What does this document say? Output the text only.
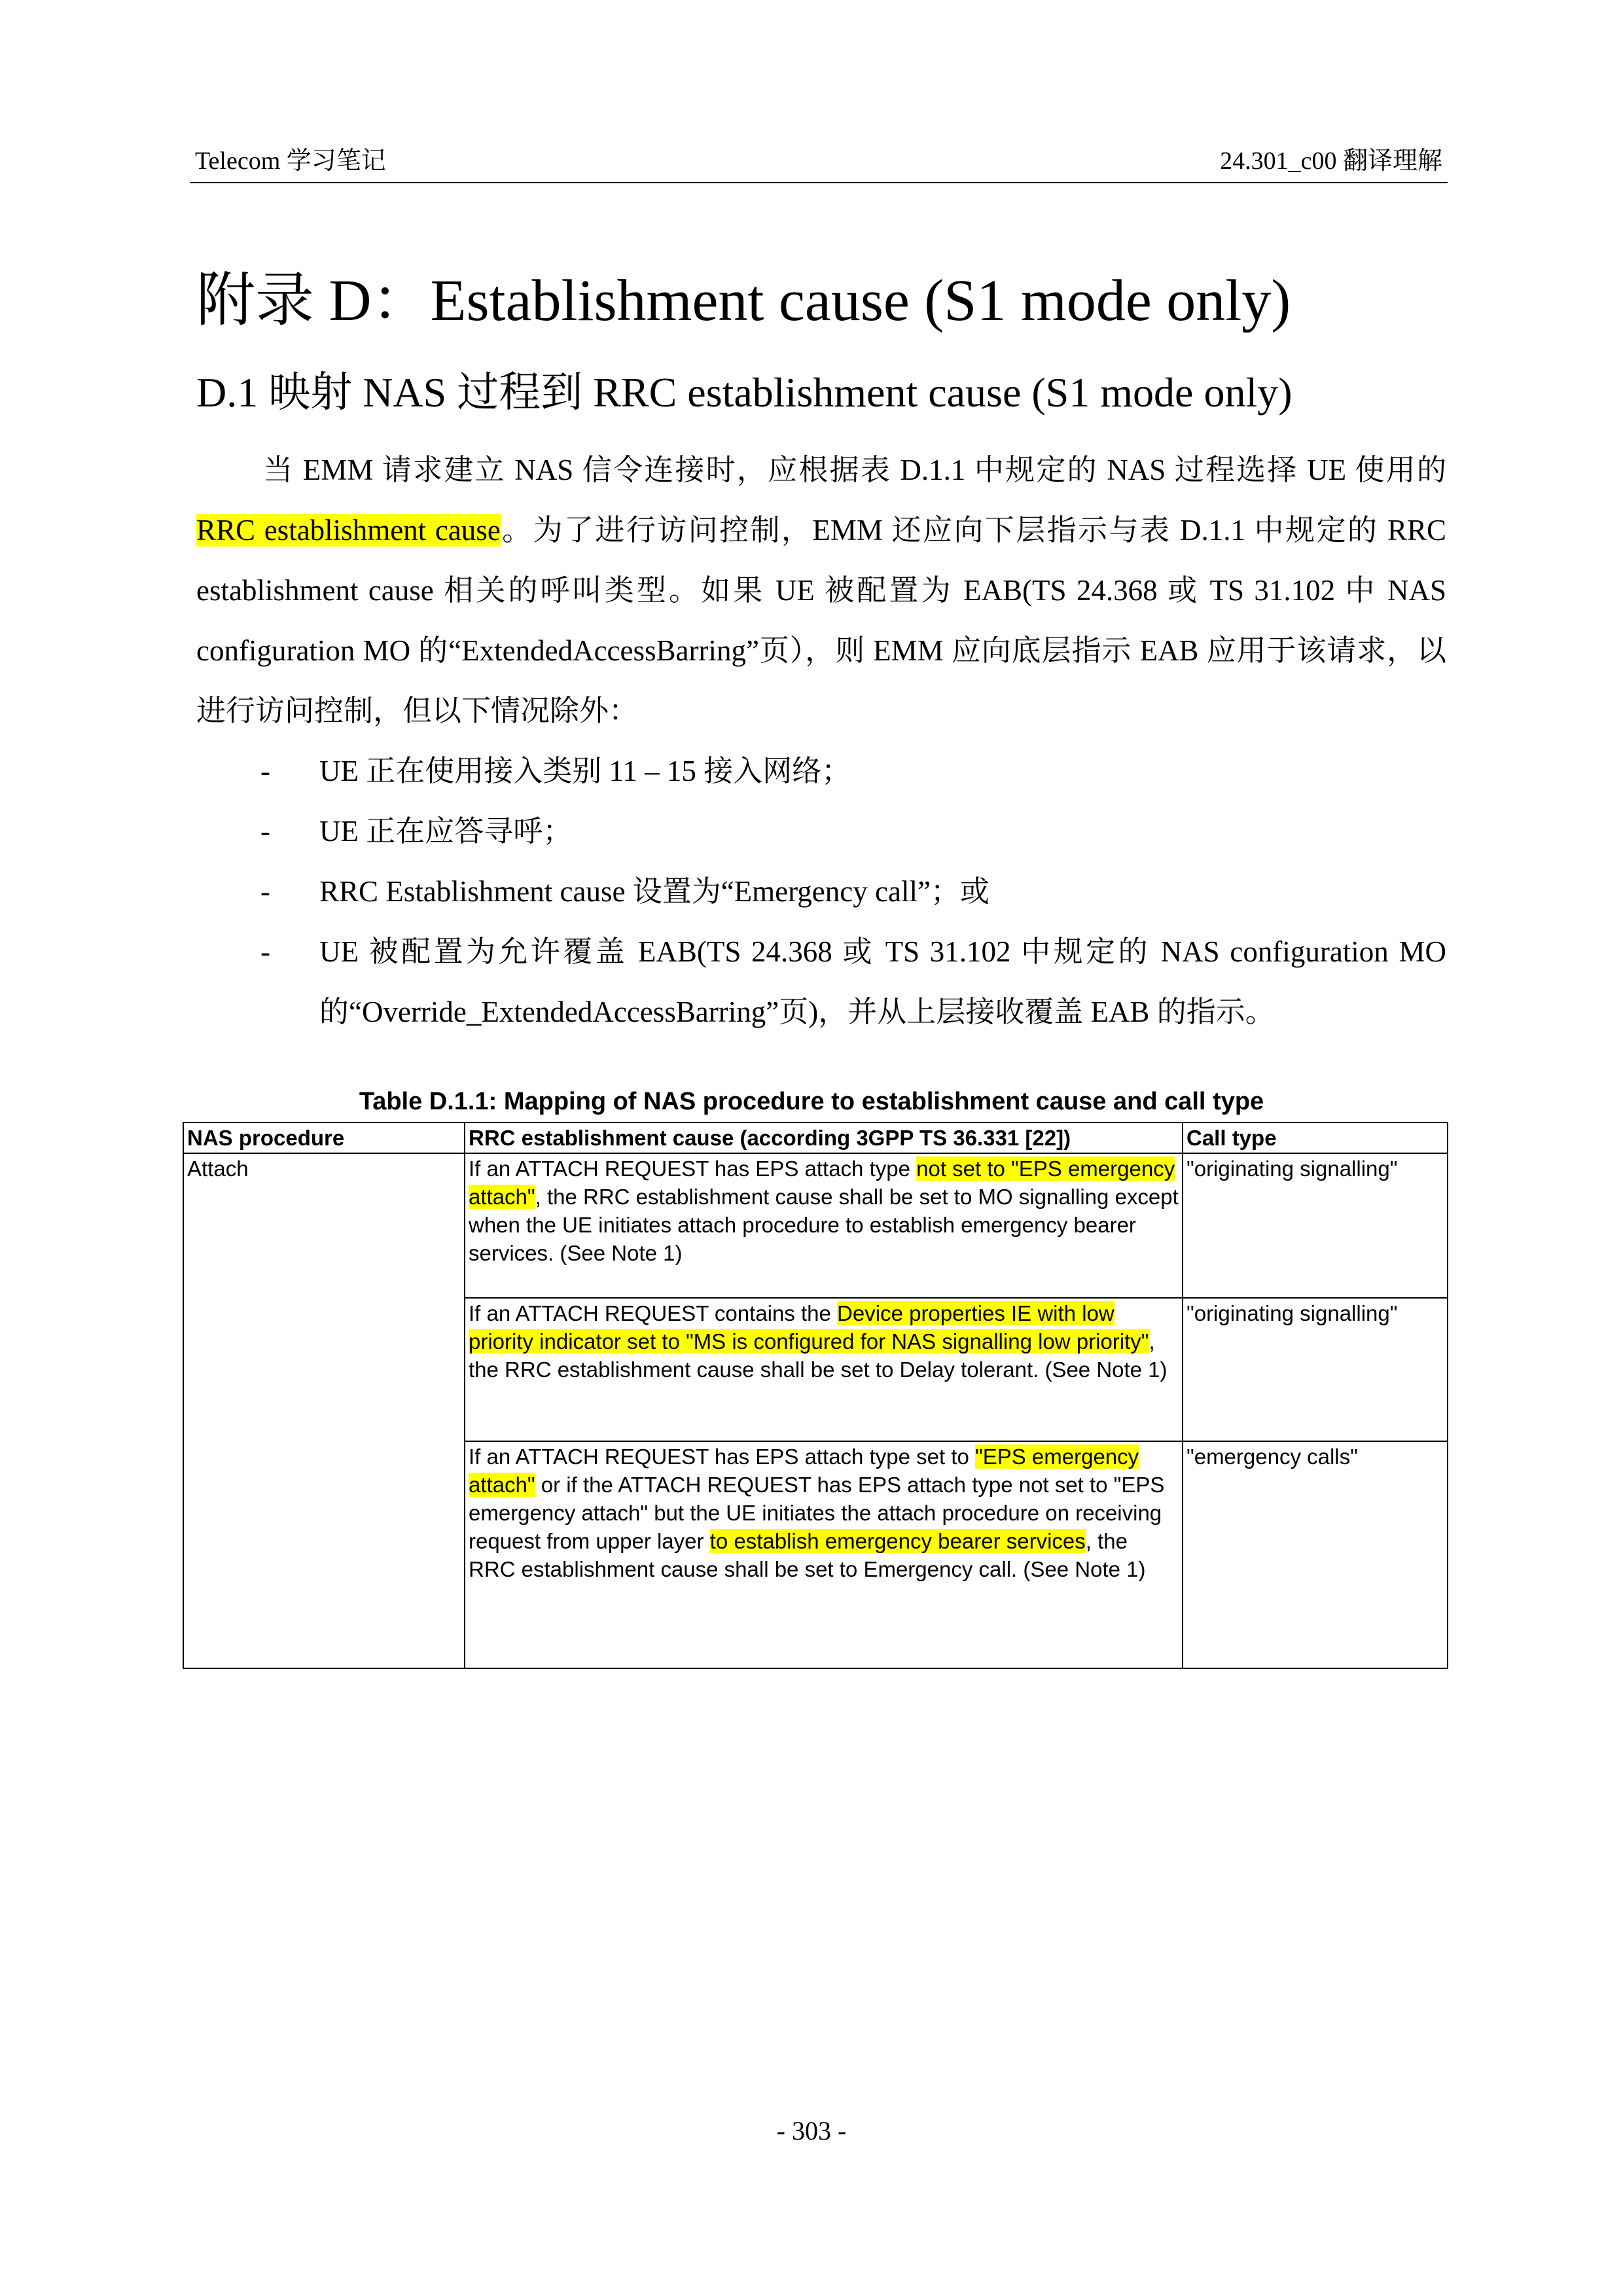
Telecom 学习笔记	24.301_c00 翻译理解
附录 D：Establishment cause (S1 mode only)
D.1 映射 NAS 过程到 RRC establishment cause (S1 mode only)

当 EMM 请求建立 NAS 信令连接时，应根据表 D.1.1 中规定的 NAS 过程选择 UE 使用的 RRC establishment cause。为了进行访问控制，EMM 还应向下层指示与表 D.1.1 中规定的 RRC establishment cause 相关的呼叫类型。如果 UE 被配置为 EAB(TS 24.368 或 TS 31.102 中 NAS configuration MO 的“ExtendedAccessBarring”页），则 EMM 应向底层指示 EAB 应用于该请求，以进行访问控制，但以下情况除外：

- UE 正在使用接入类别 11 – 15 接入网络；
- UE 正在应答寻呼；
- RRC Establishment cause 设置为“Emergency call”；或
- UE 被配置为允许覆盖 EAB(TS 24.368 或 TS 31.102 中规定的 NAS configuration MO 的“Override_ExtendedAccessBarring”页)，并从上层接收覆盖 EAB 的指示。

Table D.1.1: Mapping of NAS procedure to establishment cause and call type

NAS procedure	RRC establishment cause (according 3GPP TS 36.331 [22])	Call type
Attach	If an ATTACH REQUEST has EPS attach type not set to "EPS emergency attach", the RRC establishment cause shall be set to MO signalling except when the UE initiates attach procedure to establish emergency bearer services. (See Note 1)	"originating signalling"
	If an ATTACH REQUEST contains the Device properties IE with low priority indicator set to "MS is configured for NAS signalling low priority", the RRC establishment cause shall be set to Delay tolerant. (See Note 1)	"originating signalling"
	If an ATTACH REQUEST has EPS attach type set to "EPS emergency attach" or if the ATTACH REQUEST has EPS attach type not set to "EPS emergency attach" but the UE initiates the attach procedure on receiving request from upper layer to establish emergency bearer services, the RRC establishment cause shall be set to Emergency call. (See Note 1)	"emergency calls"
- 303 -
